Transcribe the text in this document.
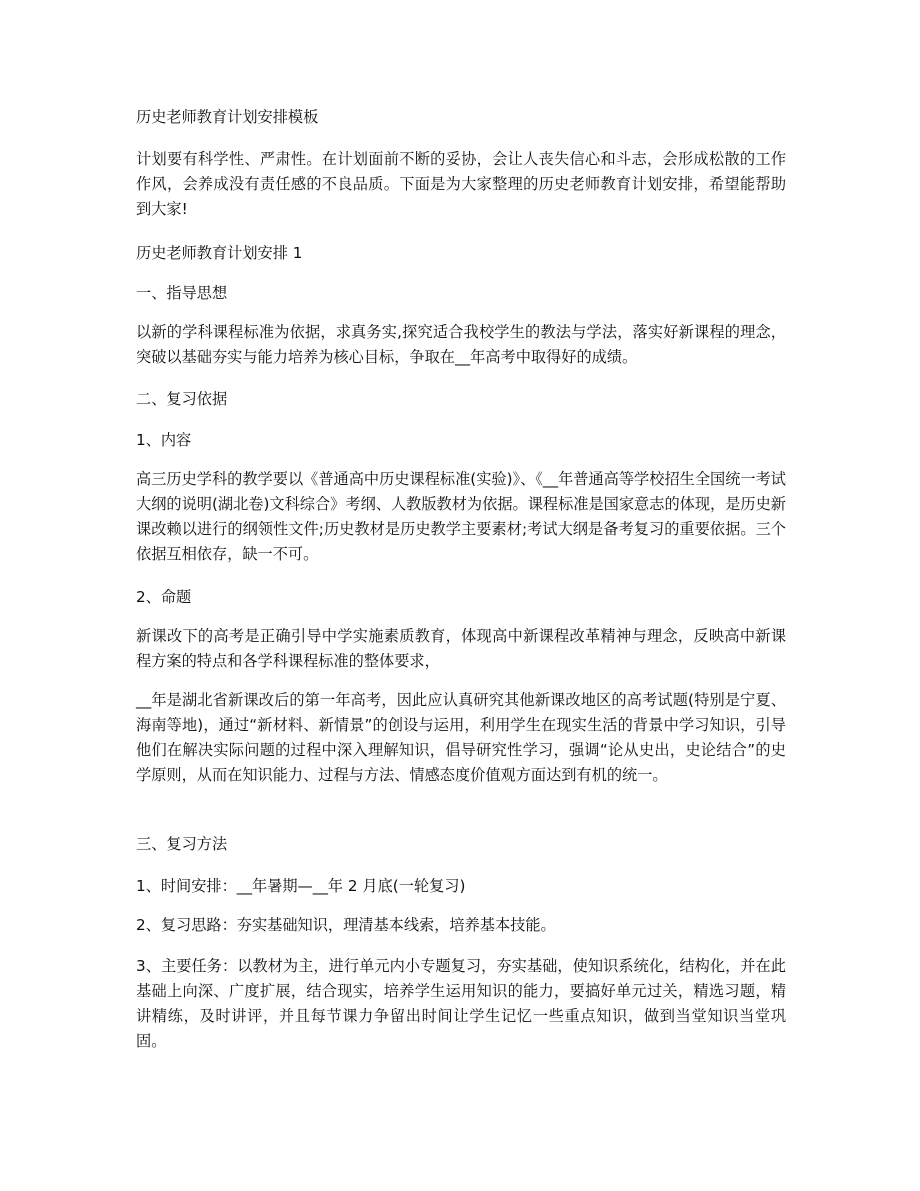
历史老师教育计划安排模板
计划要有科学性、严肃性。在计划面前不断的妥协，会让人丧失信心和斗志，会形成松散的工作作风，会养成没有责任感的不良品质。下面是为大家整理的历史老师教育计划安排，希望能帮助到大家!
历史老师教育计划安排 1
一、指导思想
以新的学科课程标准为依据，求真务实,探究适合我校学生的教法与学法，落实好新课程的理念，突破以基础夯实与能力培养为核心目标，争取在__年高考中取得好的成绩。
二、复习依据
1、内容
高三历史学科的教学要以《普通高中历史课程标准(实验)》、《__年普通高等学校招生全国统一考试大纲的说明(湖北卷)文科综合》考纲、人教版教材为依据。课程标准是国家意志的体现，是历史新课改赖以进行的纲领性文件;历史教材是历史教学主要素材;考试大纲是备考复习的重要依据。三个依据互相依存，缺一不可。
2、命题
新课改下的高考是正确引导中学实施素质教育，体现高中新课程改革精神与理念，反映高中新课程方案的特点和各学科课程标准的整体要求，
__年是湖北省新课改后的第一年高考，因此应认真研究其他新课改地区的高考试题(特别是宁夏、海南等地)，通过“新材料、新情景”的创设与运用，利用学生在现实生活的背景中学习知识，引导他们在解决实际问题的过程中深入理解知识，倡导研究性学习，强调“论从史出，史论结合”的史学原则，从而在知识能力、过程与方法、情感态度价值观方面达到有机的统一。
三、复习方法
1、时间安排：__年暑期—__年 2 月底(一轮复习)
2、复习思路：夯实基础知识，理清基本线索，培养基本技能。
3、主要任务：以教材为主，进行单元内小专题复习，夯实基础，使知识系统化，结构化，并在此基础上向深、广度扩展，结合现实，培养学生运用知识的能力，要搞好单元过关，精选习题，精讲精练，及时讲评，并且每节课力争留出时间让学生记忆一些重点知识，做到当堂知识当堂巩固。
